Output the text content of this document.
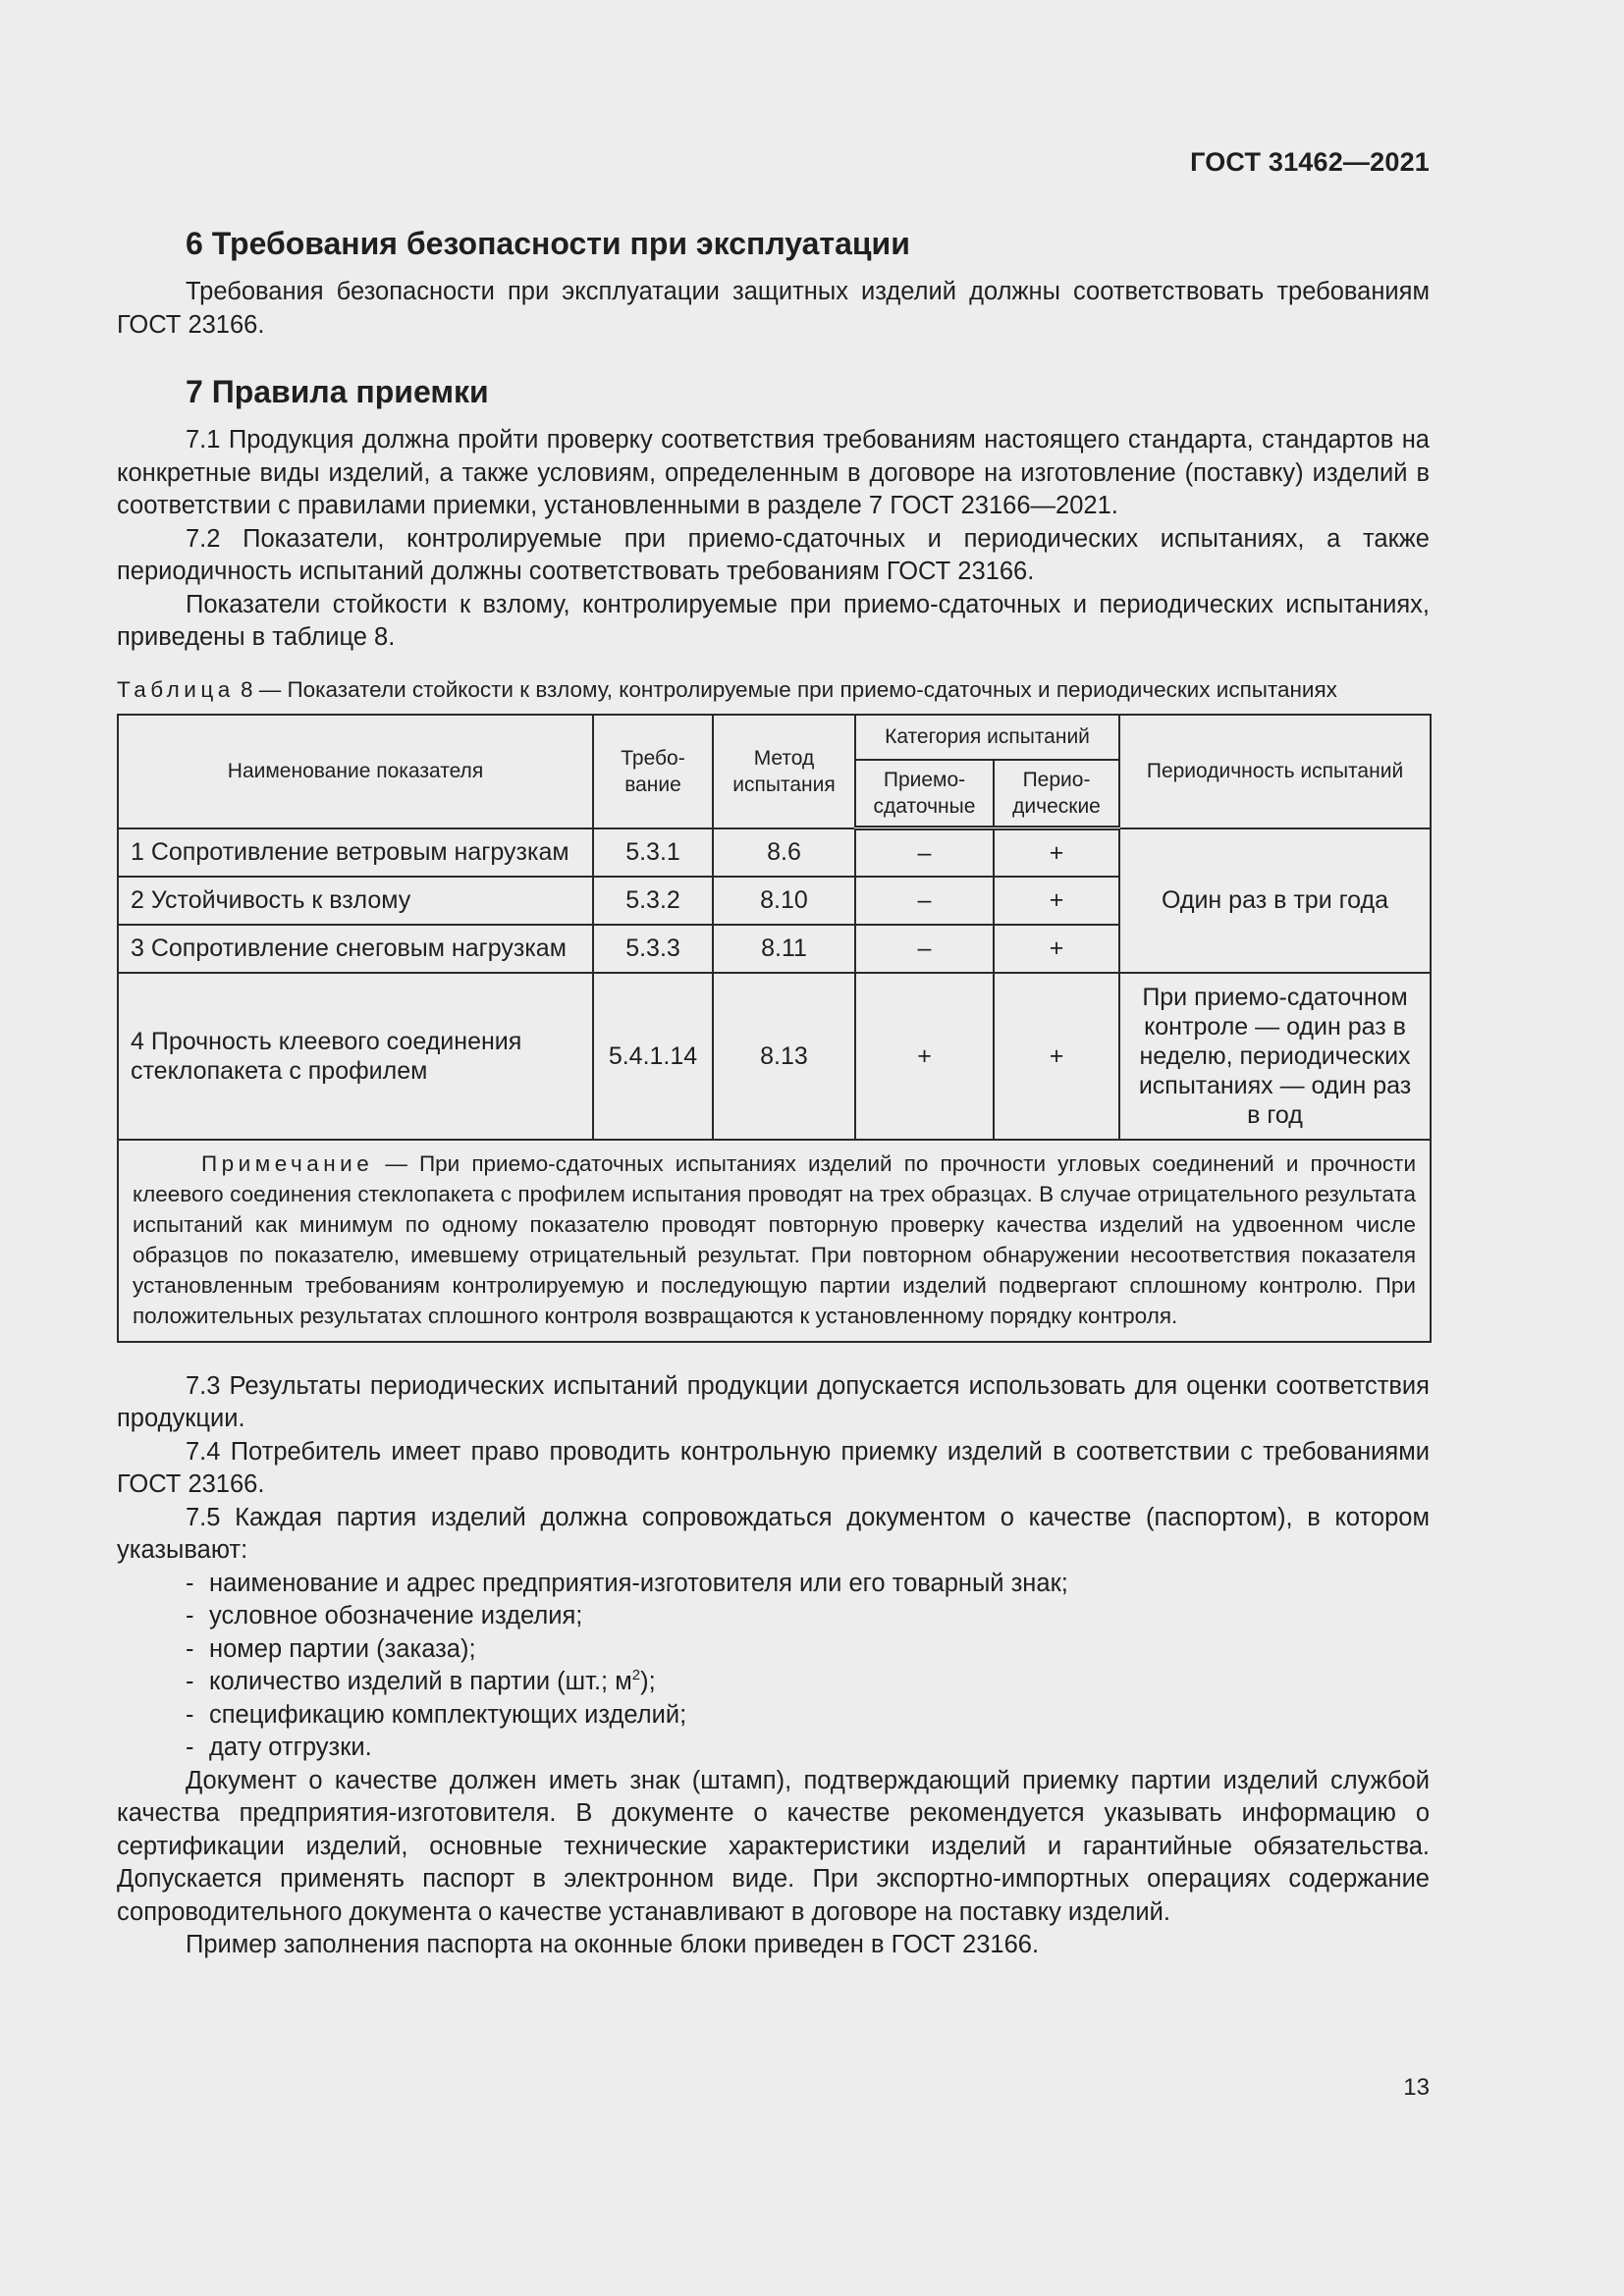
ГОСТ 31462—2021
6 Требования безопасности при эксплуатации

Требования безопасности при эксплуатации защитных изделий должны соответствовать требованиям ГОСТ 23166.

7 Правила приемки

7.1 Продукция должна пройти проверку соответствия требованиям настоящего стандарта, стандартов на конкретные виды изделий, а также условиям, определенным в договоре на изготовление (поставку) изделий в соответствии с правилами приемки, установленными в разделе 7 ГОСТ 23166—2021.

7.2 Показатели, контролируемые при приемо-сдаточных и периодических испытаниях, а также периодичность испытаний должны соответствовать требованиям ГОСТ 23166.

Показатели стойкости к взлому, контролируемые при приемо-сдаточных и периодических испытаниях, приведены в таблице 8.

Таблица 8 — Показатели стойкости к взлому, контролируемые при приемо-сдаточных и периодических испытаниях

Наименование показателя	Требо-вание	Метод испытания	Категория испытаний		Периодичность испытаний
			Приемо-сдаточные	Перио-дические	
1 Сопротивление ветровым нагрузкам	5.3.1	8.6	–	+	Один раз в три года
2 Устойчивость к взлому	5.3.2	8.10	–	+	
3 Сопротивление снеговым нагрузкам	5.3.3	8.11	–	+	
4 Прочность клеевого соединения стеклопакета с профилем	5.4.1.14	8.13	+	+	При приемо-сдаточном контроле — один раз в неделю, периодических испытаниях — один раз в год
Примечание — При приемо-сдаточных испытаниях изделий по прочности угловых соединений и прочности клеевого соединения стеклопакета с профилем испытания проводят на трех образцах. В случае отрицательного результата испытаний как минимум по одному показателю проводят повторную проверку качества изделий на удвоенном числе образцов по показателю, имевшему отрицательный результат. При повторном обнаружении несоответствия показателя установленным требованиям контролируемую и последующую партии изделий подвергают сплошному контролю. При положительных результатах сплошного контроля возвращаются к установленному порядку контроля.					

7.3 Результаты периодических испытаний продукции допускается использовать для оценки соответствия продукции.

7.4 Потребитель имеет право проводить контрольную приемку изделий в соответствии с требованиями ГОСТ 23166.

7.5 Каждая партия изделий должна сопровождаться документом о качестве (паспортом), в котором указывают:

- наименование и адрес предприятия-изготовителя или его товарный знак;
- условное обозначение изделия;
- номер партии (заказа);
- количество изделий в партии (шт.; $м^2$);
- спецификацию комплектующих изделий;
- дату отгрузки.

Документ о качестве должен иметь знак (штамп), подтверждающий приемку партии изделий службой качества предприятия-изготовителя. В документе о качестве рекомендуется указывать информацию о сертификации изделий, основные технические характеристики изделий и гарантийные обязательства. Допускается применять паспорт в электронном виде. При экспортно-импортных операциях содержание сопроводительного документа о качестве устанавливают в договоре на поставку изделий.

Пример заполнения паспорта на оконные блоки приведен в ГОСТ 23166.

13
